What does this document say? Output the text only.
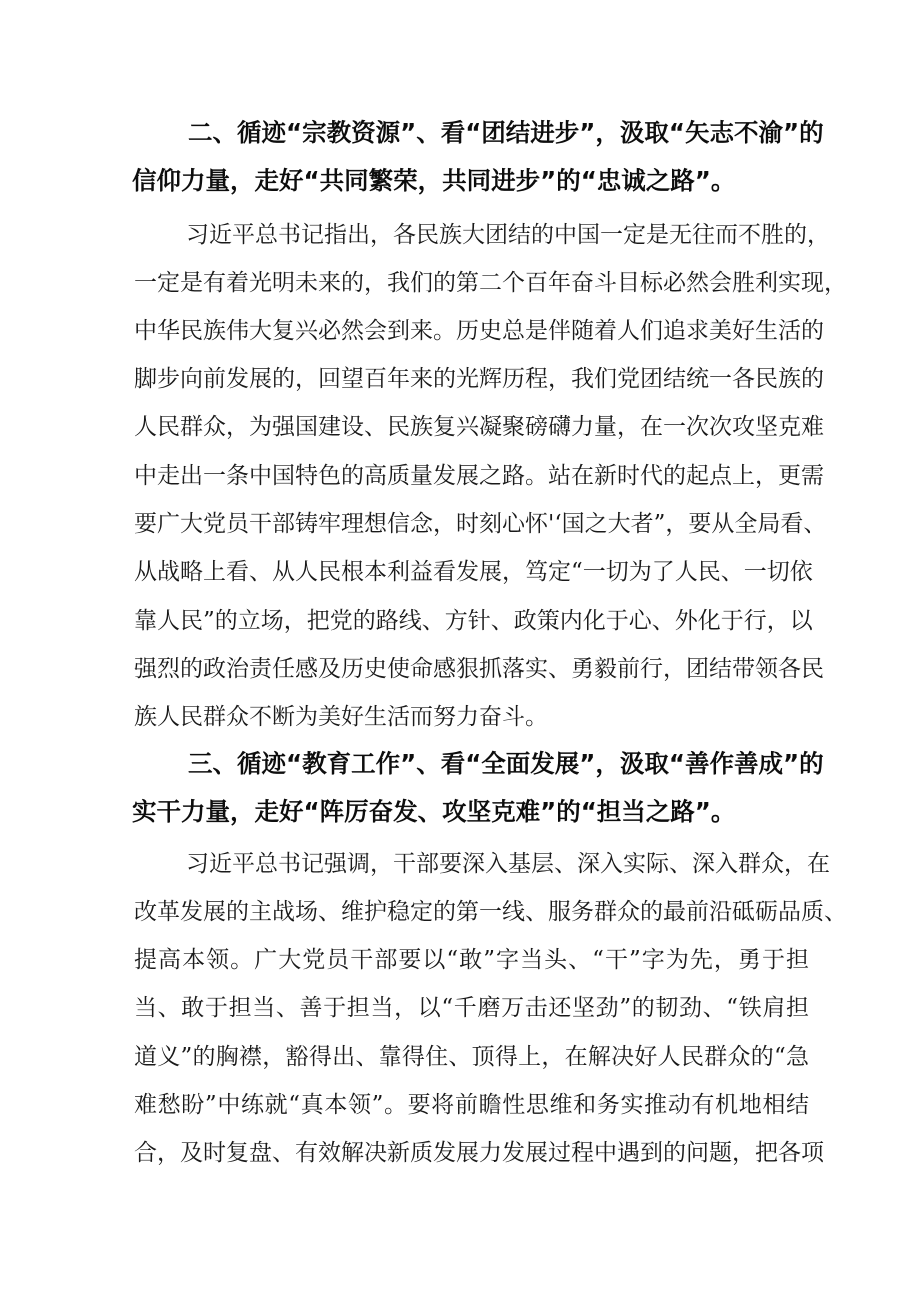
二、循迹“宗教资源”、看“团结进步”，汲取“矢志不渝”的
信仰力量，走好“共同繁荣，共同进步”的“忠诚之路”。
习近平总书记指出，各民族大团结的中国一定是无往而不胜的，
一定是有着光明未来的，我们的第二个百年奋斗目标必然会胜利实现，
中华民族伟大复兴必然会到来。历史总是伴随着人们追求美好生活的
脚步向前发展的，回望百年来的光辉历程，我们党团结统一各民族的
人民群众，为强国建设、民族复兴凝聚磅礴力量，在一次次攻坚克难
中走出一条中国特色的高质量发展之路。站在新时代的起点上，更需
要广大党员干部铸牢理想信念，时刻心怀'‘国之大者”，要从全局看、
从战略上看、从人民根本利益看发展，笃定“一切为了人民、一切依
靠人民”的立场，把党的路线、方针、政策内化于心、外化于行，以
强烈的政治责任感及历史使命感狠抓落实、勇毅前行，团结带领各民
族人民群众不断为美好生活而努力奋斗。
三、循迹“教育工作”、看“全面发展”，汲取“善作善成”的
实干力量，走好“阵厉奋发、攻坚克难”的“担当之路”。
习近平总书记强调，干部要深入基层、深入实际、深入群众，在
改革发展的主战场、维护稳定的第一线、服务群众的最前沿砥砺品质、
提高本领。广大党员干部要以“敢”字当头、“干”字为先，勇于担
当、敢于担当、善于担当，以“千磨万击还坚劲”的韧劲、“铁肩担
道义”的胸襟，豁得出、靠得住、顶得上，在解决好人民群众的“急
难愁盼”中练就“真本领”。要将前瞻性思维和务实推动有机地相结
合，及时复盘、有效解决新质发展力发展过程中遇到的问题，把各项
